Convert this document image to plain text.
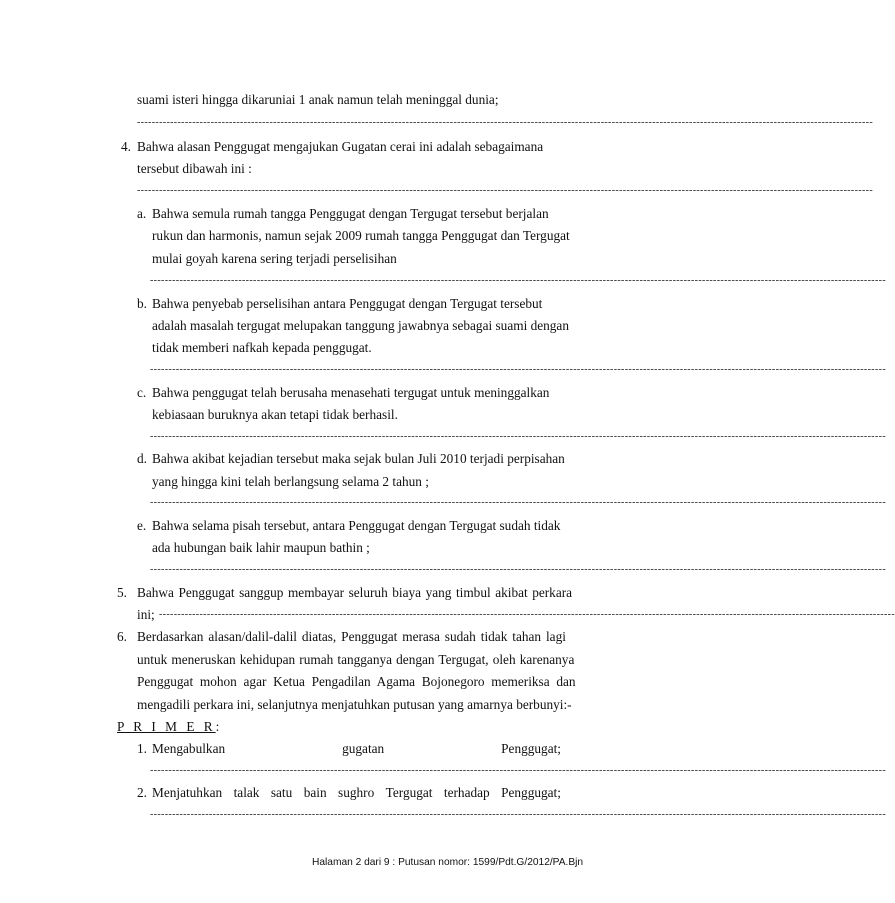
suami isteri hingga dikaruniai 1 anak namun telah meninggal dunia;
--------------------------------------------------------------------------------------------------------------------------------------------------------------------------------------------------------
4. Bahwa alasan Penggugat mengajukan Gugatan cerai ini adalah sebagaimana
tersebut dibawah ini :
--------------------------------------------------------------------------------------------------------------------------------------------------------------------------------------------------------
a. Bahwa semula rumah tangga Penggugat dengan Tergugat tersebut berjalan
rukun dan harmonis, namun sejak 2009 rumah tangga Penggugat dan Tergugat
mulai goyah karena sering terjadi perselisihan
--------------------------------------------------------------------------------------------------------------------------------------------------------------------------------------------------------
b. Bahwa penyebab perselisihan antara Penggugat dengan Tergugat tersebut
adalah masalah tergugat melupakan tanggung jawabnya sebagai suami dengan
tidak memberi nafkah kepada penggugat.
--------------------------------------------------------------------------------------------------------------------------------------------------------------------------------------------------------
c. Bahwa penggugat telah berusaha menasehati tergugat untuk meninggalkan
kebiasaan buruknya akan tetapi tidak berhasil.
--------------------------------------------------------------------------------------------------------------------------------------------------------------------------------------------------------
d. Bahwa akibat kejadian tersebut maka sejak bulan Juli 2010 terjadi perpisahan
yang hingga kini telah berlangsung selama 2 tahun ;
--------------------------------------------------------------------------------------------------------------------------------------------------------------------------------------------------------
e. Bahwa selama pisah tersebut, antara Penggugat dengan Tergugat sudah tidak
ada hubungan baik lahir maupun bathin ;
--------------------------------------------------------------------------------------------------------------------------------------------------------------------------------------------------------
5. Bahwa Penggugat sanggup membayar seluruh biaya yang timbul akibat perkara
ini; --------------------------------------------------------------------------------------------------------------------------------------------------------------------------------------------------------
6. Berdasarkan alasan/dalil-dalil diatas, Penggugat merasa sudah tidak tahan lagi
untuk meneruskan kehidupan rumah tangganya dengan Tergugat, oleh karenanya
Penggugat mohon agar Ketua Pengadilan Agama Bojonegoro memeriksa dan
mengadili perkara ini, selanjutnya menjatuhkan putusan yang amarnya berbunyi:-
P R I M E R:
1. Mengabulkan	gugatan	Penggugat;
--------------------------------------------------------------------------------------------------------------------------------------------------------------------------------------------------------
2. Menjatuhkan talak satu bain sughro Tergugat terhadap Penggugat;
--------------------------------------------------------------------------------------------------------------------------------------------------------------------------------------------------------
Halaman 2 dari 9 : Putusan nomor: 1599/Pdt.G/2012/PA.Bjn
